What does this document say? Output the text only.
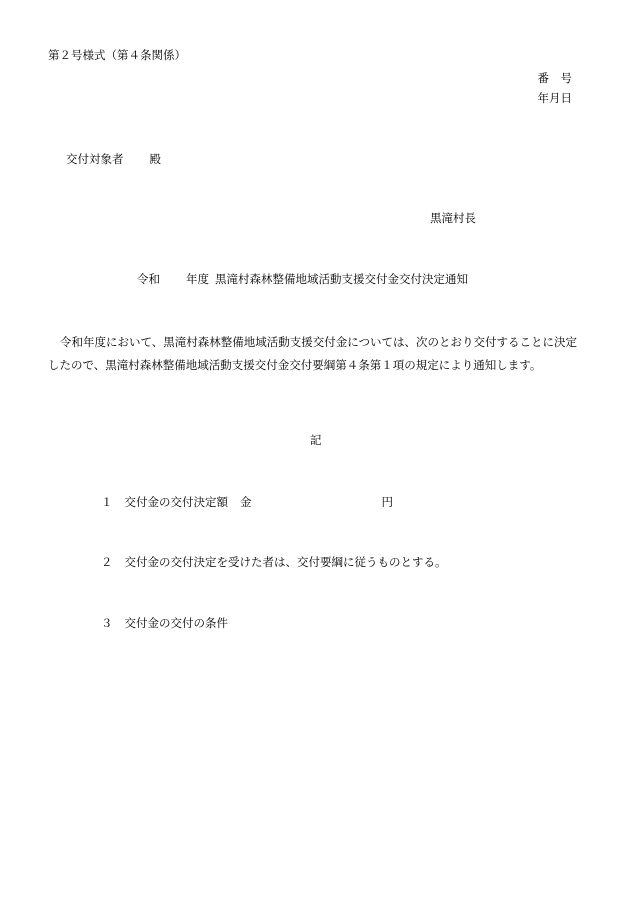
第２号様式（第４条関係）
番　号
年月日
交付対象者 殿
黒滝村長
令和 年度 黒滝村森林整備地域活動支援交付金交付決定通知
令和年度において、黒滝村森林整備地域活動支援交付金については、次のとおり交付することに決定したので、黒滝村森林整備地域活動支援交付金交付要綱第４条第１項の規定により通知します。
記
１ 交付金の交付決定額 金	円
２ 交付金の交付決定を受けた者は、交付要綱に従うものとする。
３ 交付金の交付の条件
